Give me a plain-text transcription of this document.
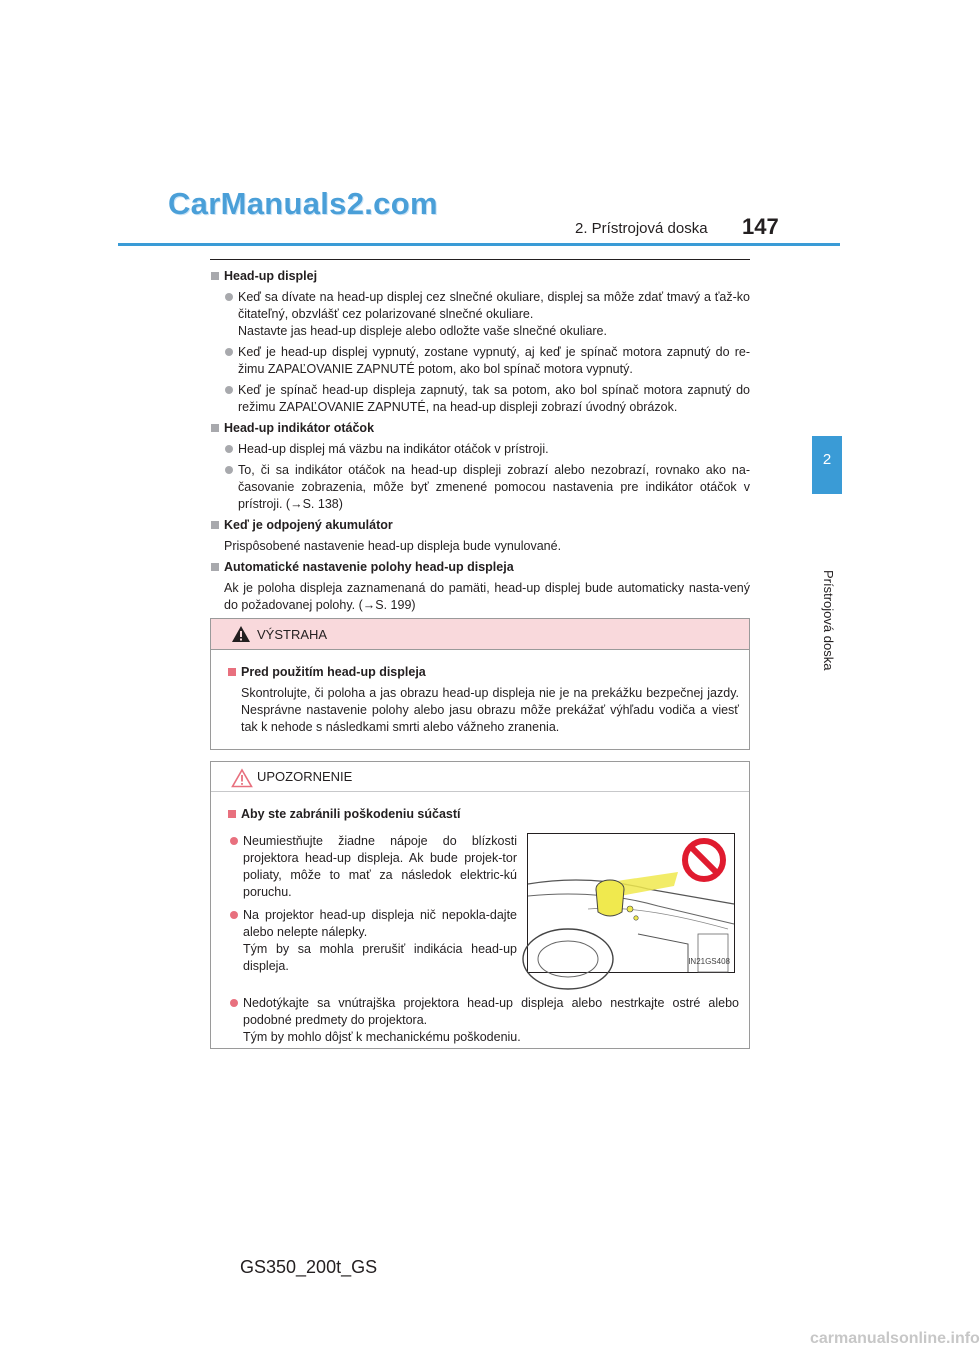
CarManuals2.com
2. Prístrojová doska 147
2
Prístrojová doska
Head-up displej
Keď sa dívate na head-up displej cez slnečné okuliare, displej sa môže zdať tmavý a ťaž-ko čitateľný, obzvlášť cez polarizované slnečné okuliare.
Nastavte jas head-up displeje alebo odložte vaše slnečné okuliare.
Keď je head-up displej vypnutý, zostane vypnutý, aj keď je spínač motora zapnutý do re-žimu ZAPAĽOVANIE ZAPNUTÉ potom, ako bol spínač motora vypnutý.
Keď je spínač head-up displeja zapnutý, tak sa potom, ako bol spínač motora zapnutý do režimu ZAPAĽOVANIE ZAPNUTÉ, na head-up displeji zobrazí úvodný obrázok.
Head-up indikátor otáčok
Head-up displej má väzbu na indikátor otáčok v prístroji.
To, či sa indikátor otáčok na head-up displeji zobrazí alebo nezobrazí, rovnako ako na-časovanie zobrazenia, môže byť zmenené pomocou nastavenia pre indikátor otáčok v prístroji. (→S. 138)
Keď je odpojený akumulátor
Prispôsobené nastavenie head-up displeja bude vynulované.
Automatické nastavenie polohy head-up displeja
Ak je poloha displeja zaznamenaná do pamäti, head-up displej bude automaticky nasta-vený do požadovanej polohy. (→S. 199)
VÝSTRAHA
Pred použitím head-up displeja
Skontrolujte, či poloha a jas obrazu head-up displeja nie je na prekážku bezpečnej jazdy. Nesprávne nastavenie polohy alebo jasu obrazu môže prekážať výhľadu vodiča a viesť tak k nehode s následkami smrti alebo vážneho zranenia.
UPOZORNENIE
Aby ste zabránili poškodeniu súčastí
Neumiestňujte žiadne nápoje do blízkosti projektora head-up displeja. Ak bude projek-tor poliaty, môže to mať za následok elektric-kú poruchu.
Na projektor head-up displeja nič nepokla-dajte alebo nelepte nálepky.
Tým by sa mohla prerušiť indikácia head-up displeja.
Nedotýkajte sa vnútrajška projektora head-up displeja alebo nestrkajte ostré alebo podobné predmety do projektora.
Tým by mohlo dôjsť k mechanickému poškodeniu.
IN21GS408
GS350_200t_GS
carmanualsonline.info
